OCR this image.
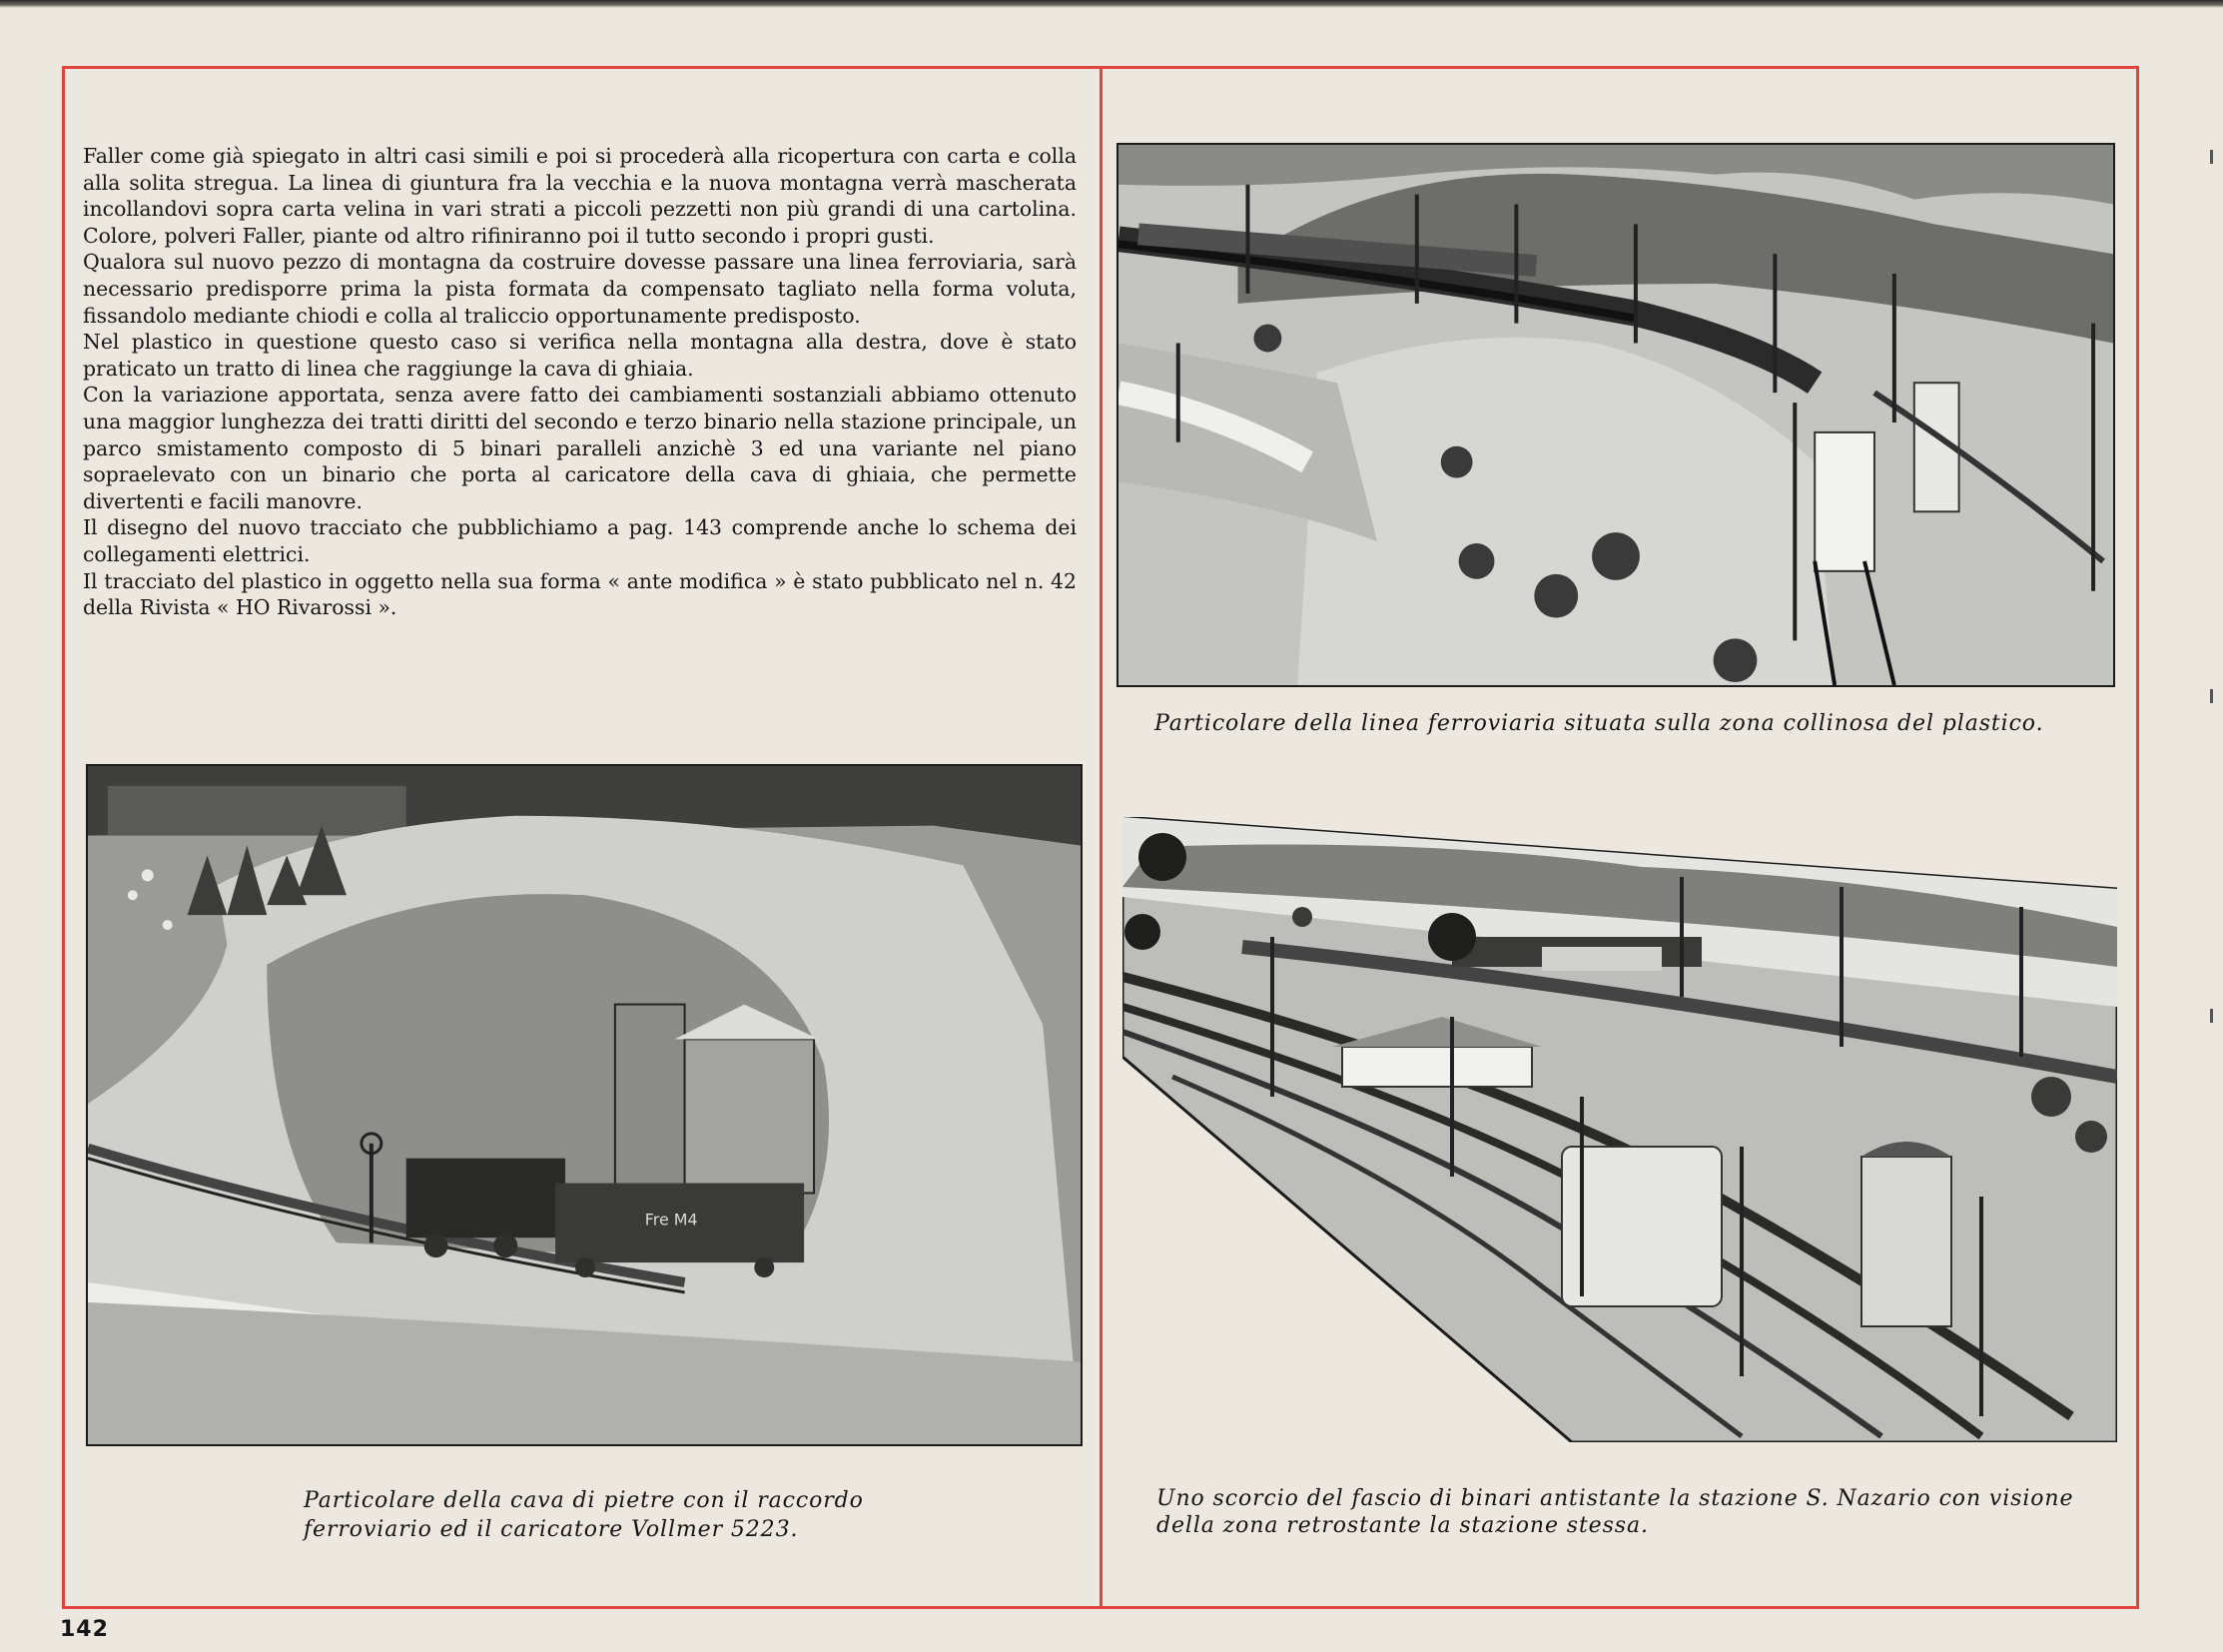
Faller come già spiegato in altri casi simili e poi si procederà alla ricopertura con carta e colla alla solita stregua. La linea di giuntura fra la vecchia e la nuova montagna verrà mascherata incollandovi sopra carta velina in vari strati a piccoli pezzetti non più grandi di una cartolina. Colore, polveri Faller, piante od altro rifiniranno poi il tutto secondo i propri gusti.

Qualora sul nuovo pezzo di montagna da costruire dovesse passare una linea ferroviaria, sarà necessario predisporre prima la pista formata da compensato tagliato nella forma voluta, fissandolo mediante chiodi e colla al traliccio opportunamente predisposto.

Nel plastico in questione questo caso si verifica nella montagna alla destra, dove è stato praticato un tratto di linea che raggiunge la cava di ghiaia.

Con la variazione apportata, senza avere fatto dei cambiamenti sostanziali abbiamo ottenuto una maggior lunghezza dei tratti diritti del secondo e terzo binario nella stazione principale, un parco smistamento composto di 5 binari paralleli anzichè 3 ed una variante nel piano sopraelevato con un binario che porta al caricatore della cava di ghiaia, che permette divertenti e facili manovre.

Il disegno del nuovo tracciato che pubblichiamo a pag. 143 comprende anche lo schema dei collegamenti elettrici.

Il tracciato del plastico in oggetto nella sua forma « ante modifica » è stato pubblicato nel n. 42 della Rivista « HO Rivarossi ».

Particolare della linea ferroviaria situata sulla zona collinosa del plastico.
Fre M4
Particolare della cava di pietre con il raccordo
ferroviario ed il caricatore Vollmer 5223.
Uno scorcio del fascio di binari antistante la stazione S. Nazario con visione
della zona retrostante la stazione stessa.
142
